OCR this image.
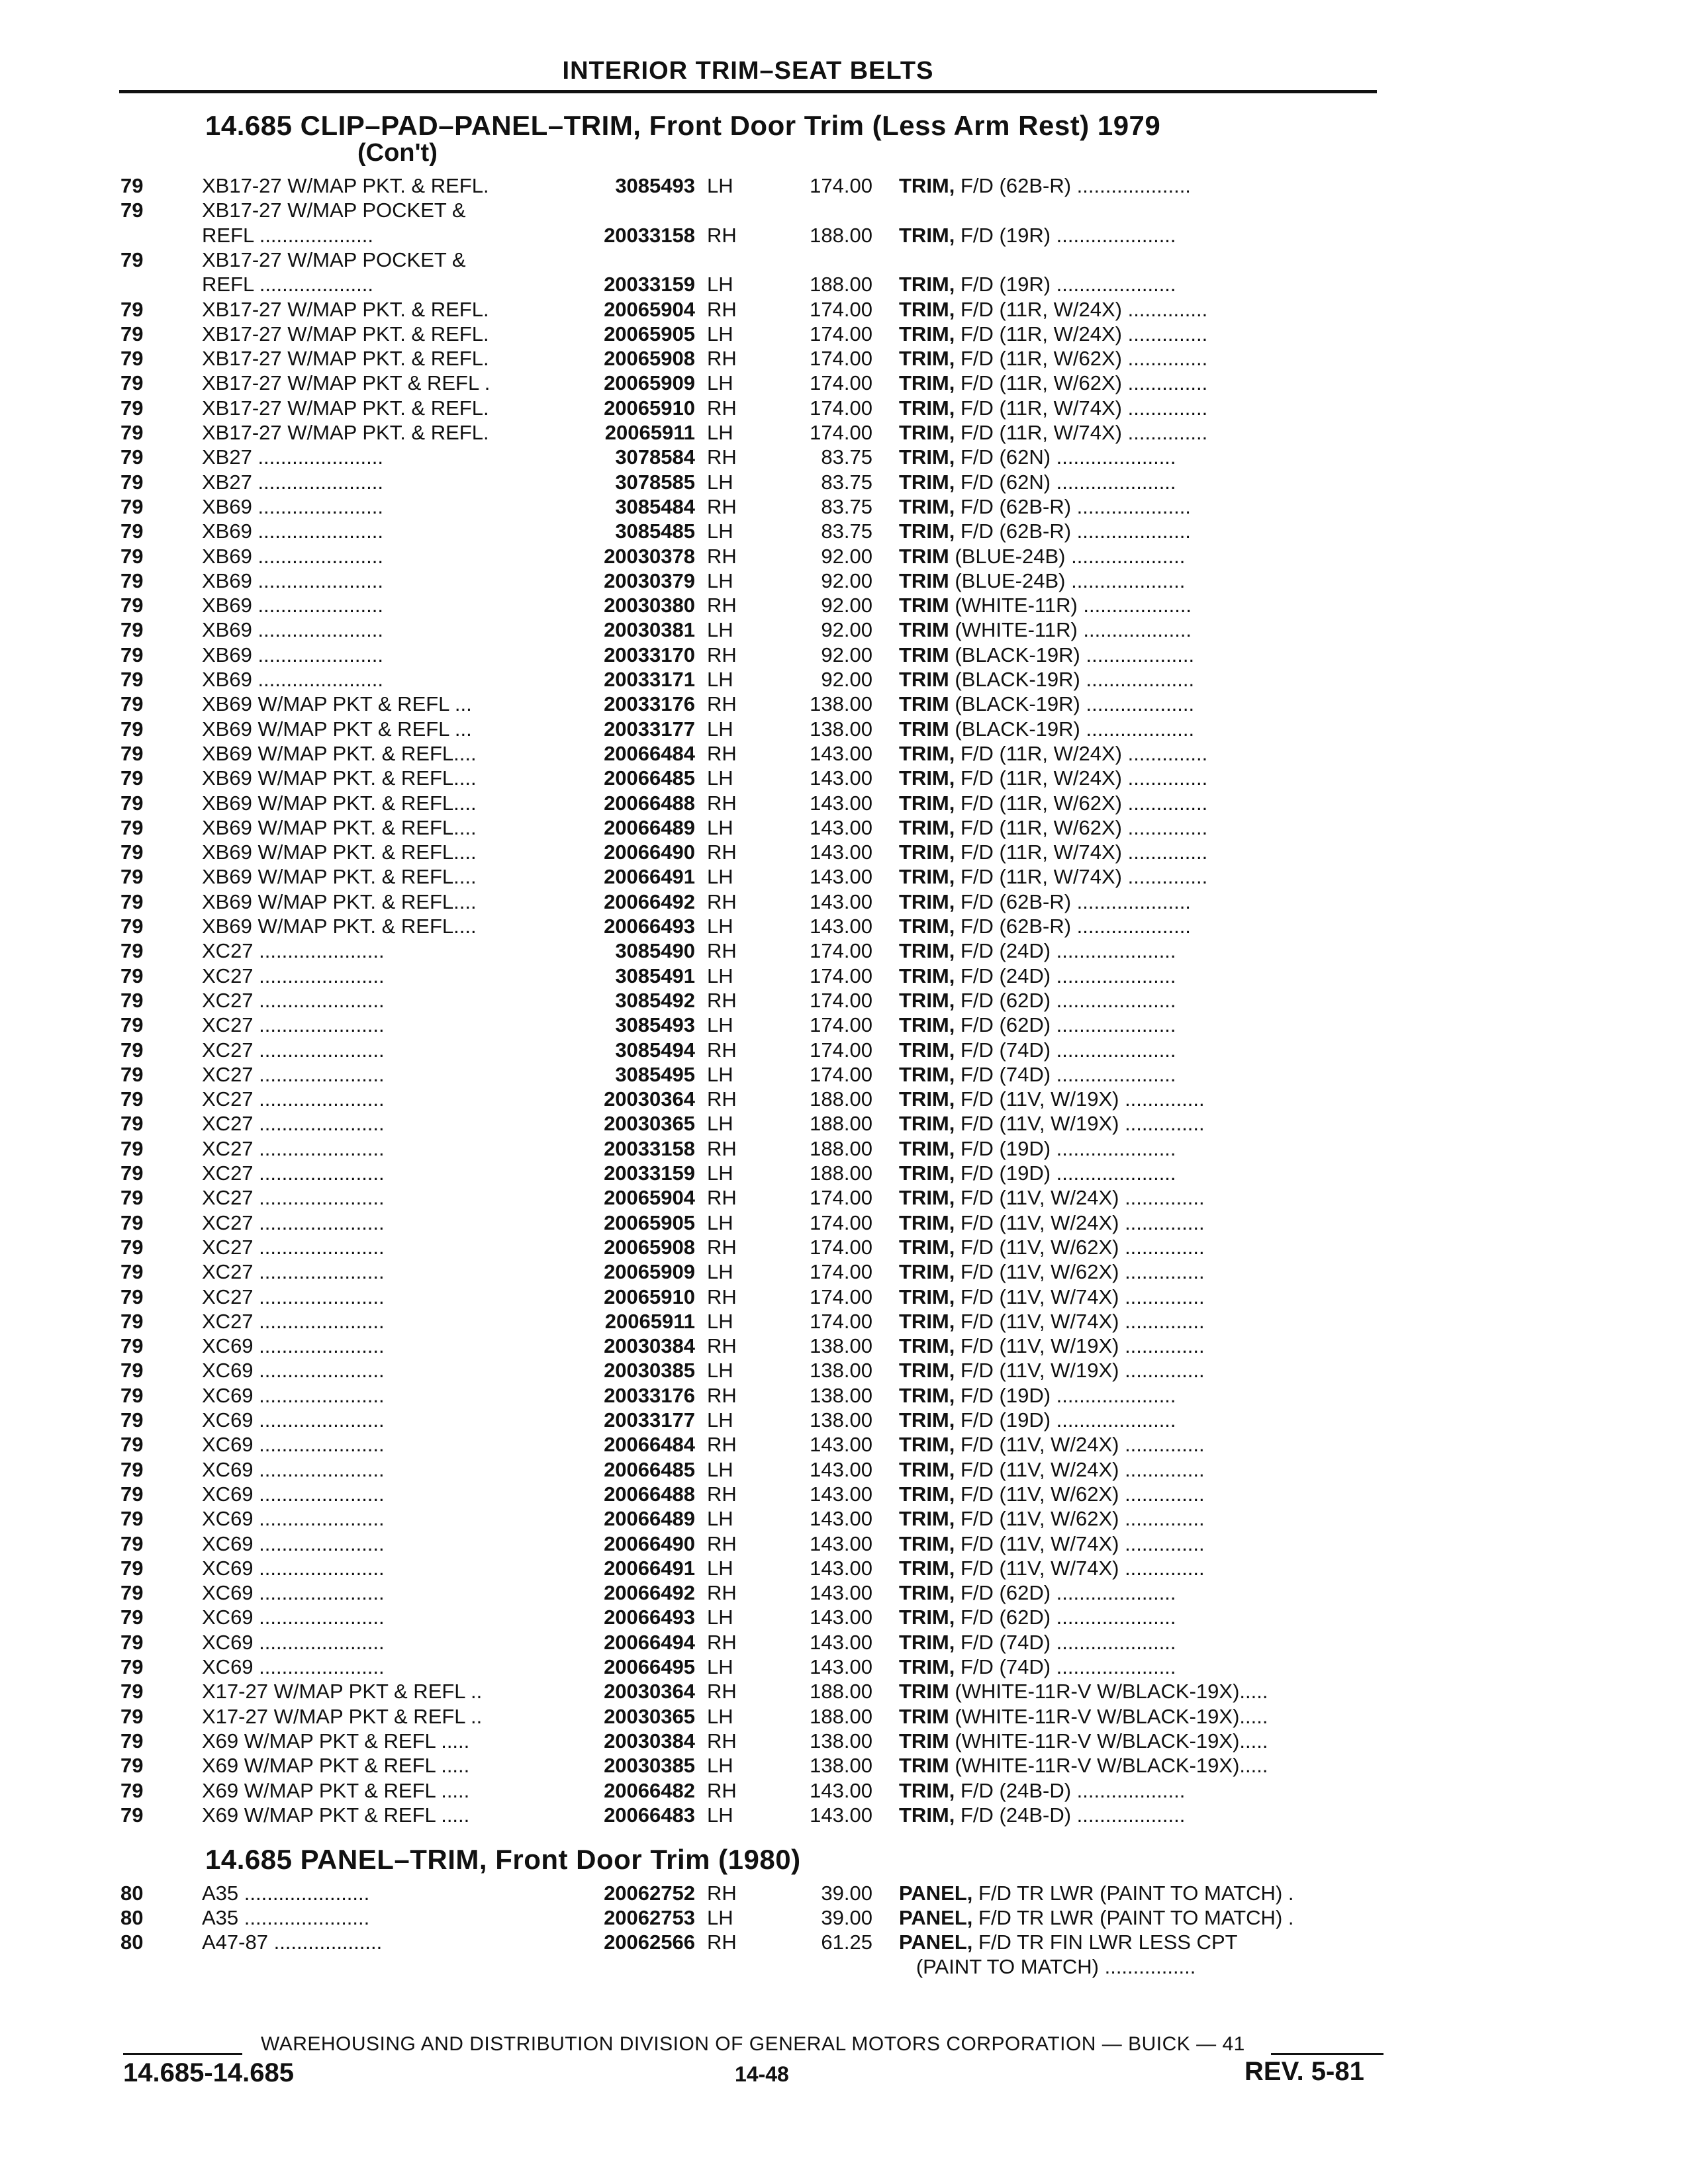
INTERIOR TRIM–SEAT BELTS
14.685 CLIP–PAD–PANEL–TRIM, Front Door Trim (Less Arm Rest) 1979
(Con't)
79	XB17-27 W/MAP PKT. & REFL.	3085493 LH	174.00 TRIM, F/D (62B-R) ....................
79	XB17-27 W/MAP POCKET &
REFL ....................	20033158 RH	188.00 TRIM, F/D (19R) .....................
79	XB17-27 W/MAP POCKET &
REFL ....................	20033159 LH	188.00 TRIM, F/D (19R) .....................
79	XB17-27 W/MAP PKT. & REFL.	20065904 RH	174.00 TRIM, F/D (11R, W/24X) ..............
79	XB17-27 W/MAP PKT. & REFL.	20065905 LH	174.00 TRIM, F/D (11R, W/24X) ..............
79	XB17-27 W/MAP PKT. & REFL.	20065908 RH	174.00 TRIM, F/D (11R, W/62X) ..............
79	XB17-27 W/MAP PKT & REFL .	20065909 LH	174.00 TRIM, F/D (11R, W/62X) ..............
79	XB17-27 W/MAP PKT. & REFL.	20065910 RH	174.00 TRIM, F/D (11R, W/74X) ..............
79	XB17-27 W/MAP PKT. & REFL.	20065911 LH	174.00 TRIM, F/D (11R, W/74X) ..............
79	XB27 ......................	3078584 RH	83.75 TRIM, F/D (62N) .....................
79	XB27 ......................	3078585 LH	83.75 TRIM, F/D (62N) .....................
79	XB69 ......................	3085484 RH	83.75 TRIM, F/D (62B-R) ....................
79	XB69 ......................	3085485 LH	83.75 TRIM, F/D (62B-R) ....................
79	XB69 ......................	20030378 RH	92.00 TRIM (BLUE-24B) ....................
79	XB69 ......................	20030379 LH	92.00 TRIM (BLUE-24B) ....................
79	XB69 ......................	20030380 RH	92.00 TRIM (WHITE-11R) ...................
79	XB69 ......................	20030381 LH	92.00 TRIM (WHITE-11R) ...................
79	XB69 ......................	20033170 RH	92.00 TRIM (BLACK-19R) ...................
79	XB69 ......................	20033171 LH	92.00 TRIM (BLACK-19R) ...................
79	XB69 W/MAP PKT & REFL ...	20033176 RH	138.00 TRIM (BLACK-19R) ...................
79	XB69 W/MAP PKT & REFL ...	20033177 LH	138.00 TRIM (BLACK-19R) ...................
79	XB69 W/MAP PKT. & REFL....	20066484 RH	143.00 TRIM, F/D (11R, W/24X) ..............
79	XB69 W/MAP PKT. & REFL....	20066485 LH	143.00 TRIM, F/D (11R, W/24X) ..............
79	XB69 W/MAP PKT. & REFL....	20066488 RH	143.00 TRIM, F/D (11R, W/62X) ..............
79	XB69 W/MAP PKT. & REFL....	20066489 LH	143.00 TRIM, F/D (11R, W/62X) ..............
79	XB69 W/MAP PKT. & REFL....	20066490 RH	143.00 TRIM, F/D (11R, W/74X) ..............
79	XB69 W/MAP PKT. & REFL....	20066491 LH	143.00 TRIM, F/D (11R, W/74X) ..............
79	XB69 W/MAP PKT. & REFL....	20066492 RH	143.00 TRIM, F/D (62B-R) ....................
79	XB69 W/MAP PKT. & REFL....	20066493 LH	143.00 TRIM, F/D (62B-R) ....................
79	XC27 ......................	3085490 RH	174.00 TRIM, F/D (24D) .....................
79	XC27 ......................	3085491 LH	174.00 TRIM, F/D (24D) .....................
79	XC27 ......................	3085492 RH	174.00 TRIM, F/D (62D) .....................
79	XC27 ......................	3085493 LH	174.00 TRIM, F/D (62D) .....................
79	XC27 ......................	3085494 RH	174.00 TRIM, F/D (74D) .....................
79	XC27 ......................	3085495 LH	174.00 TRIM, F/D (74D) .....................
79	XC27 ......................	20030364 RH	188.00 TRIM, F/D (11V, W/19X) ..............
79	XC27 ......................	20030365 LH	188.00 TRIM, F/D (11V, W/19X) ..............
79	XC27 ......................	20033158 RH	188.00 TRIM, F/D (19D) .....................
79	XC27 ......................	20033159 LH	188.00 TRIM, F/D (19D) .....................
79	XC27 ......................	20065904 RH	174.00 TRIM, F/D (11V, W/24X) ..............
79	XC27 ......................	20065905 LH	174.00 TRIM, F/D (11V, W/24X) ..............
79	XC27 ......................	20065908 RH	174.00 TRIM, F/D (11V, W/62X) ..............
79	XC27 ......................	20065909 LH	174.00 TRIM, F/D (11V, W/62X) ..............
79	XC27 ......................	20065910 RH	174.00 TRIM, F/D (11V, W/74X) ..............
79	XC27 ......................	20065911 LH	174.00 TRIM, F/D (11V, W/74X) ..............
79	XC69 ......................	20030384 RH	138.00 TRIM, F/D (11V, W/19X) ..............
79	XC69 ......................	20030385 LH	138.00 TRIM, F/D (11V, W/19X) ..............
79	XC69 ......................	20033176 RH	138.00 TRIM, F/D (19D) .....................
79	XC69 ......................	20033177 LH	138.00 TRIM, F/D (19D) .....................
79	XC69 ......................	20066484 RH	143.00 TRIM, F/D (11V, W/24X) ..............
79	XC69 ......................	20066485 LH	143.00 TRIM, F/D (11V, W/24X) ..............
79	XC69 ......................	20066488 RH	143.00 TRIM, F/D (11V, W/62X) ..............
79	XC69 ......................	20066489 LH	143.00 TRIM, F/D (11V, W/62X) ..............
79	XC69 ......................	20066490 RH	143.00 TRIM, F/D (11V, W/74X) ..............
79	XC69 ......................	20066491 LH	143.00 TRIM, F/D (11V, W/74X) ..............
79	XC69 ......................	20066492 RH	143.00 TRIM, F/D (62D) .....................
79	XC69 ......................	20066493 LH	143.00 TRIM, F/D (62D) .....................
79	XC69 ......................	20066494 RH	143.00 TRIM, F/D (74D) .....................
79	XC69 ......................	20066495 LH	143.00 TRIM, F/D (74D) .....................
79	X17-27 W/MAP PKT & REFL ..	20030364 RH	188.00 TRIM (WHITE-11R-V W/BLACK-19X).....
79	X17-27 W/MAP PKT & REFL ..	20030365 LH	188.00 TRIM (WHITE-11R-V W/BLACK-19X).....
79	X69 W/MAP PKT & REFL .....	20030384 RH	138.00 TRIM (WHITE-11R-V W/BLACK-19X).....
79	X69 W/MAP PKT & REFL .....	20030385 LH	138.00 TRIM (WHITE-11R-V W/BLACK-19X).....
79	X69 W/MAP PKT & REFL .....	20066482 RH	143.00 TRIM, F/D (24B-D) ...................
79	X69 W/MAP PKT & REFL .....	20066483 LH	143.00 TRIM, F/D (24B-D) ...................
14.685 PANEL–TRIM, Front Door Trim (1980)
80	A35 ......................	20062752 RH	39.00 PANEL, F/D TR LWR (PAINT TO MATCH) .
80	A35 ......................	20062753 LH	39.00 PANEL, F/D TR LWR (PAINT TO MATCH) .
80	A47-87 ...................	20062566 RH	61.25 PANEL, F/D TR FIN LWR LESS CPT
(PAINT TO MATCH) ................
WAREHOUSING AND DISTRIBUTION DIVISION OF GENERAL MOTORS CORPORATION — BUICK — 41
14.685-14.685	14-48	REV. 5-81
